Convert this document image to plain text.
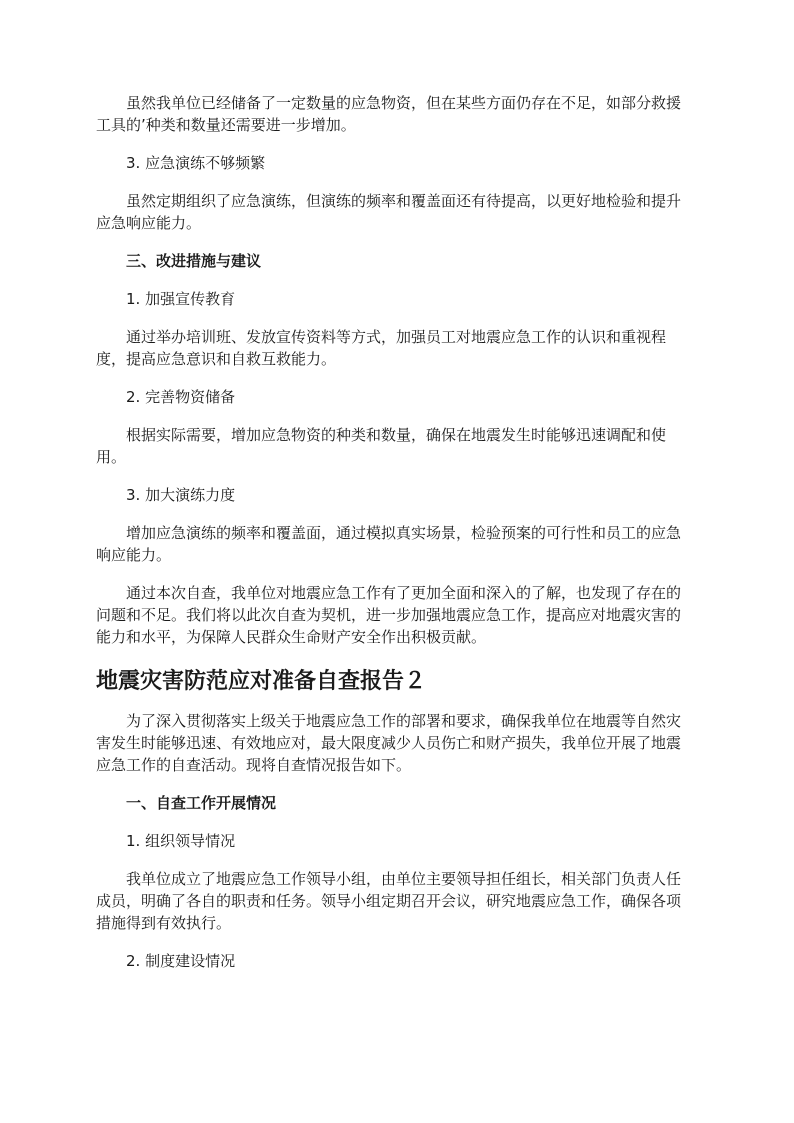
虽然我单位已经储备了一定数量的应急物资，但在某些方面仍存在不足，如部分救援工具的’种类和数量还需要进一步增加。

3. 应急演练不够频繁

虽然定期组织了应急演练，但演练的频率和覆盖面还有待提高，以更好地检验和提升应急响应能力。

三、改进措施与建议

1. 加强宣传教育

通过举办培训班、发放宣传资料等方式，加强员工对地震应急工作的认识和重视程度，提高应急意识和自救互救能力。

2. 完善物资储备

根据实际需要，增加应急物资的种类和数量，确保在地震发生时能够迅速调配和使用。

3. 加大演练力度

增加应急演练的频率和覆盖面，通过模拟真实场景，检验预案的可行性和员工的应急响应能力。

通过本次自查，我单位对地震应急工作有了更加全面和深入的了解，也发现了存在的问题和不足。我们将以此次自查为契机，进一步加强地震应急工作，提高应对地震灾害的能力和水平，为保障人民群众生命财产安全作出积极贡献。

地震灾害防范应对准备自查报告２

为了深入贯彻落实上级关于地震应急工作的部署和要求，确保我单位在地震等自然灾害发生时能够迅速、有效地应对，最大限度减少人员伤亡和财产损失，我单位开展了地震应急工作的自查活动。现将自查情况报告如下。

一、自查工作开展情况

1. 组织领导情况

我单位成立了地震应急工作领导小组，由单位主要领导担任组长，相关部门负责人任成员，明确了各自的职责和任务。领导小组定期召开会议，研究地震应急工作，确保各项措施得到有效执行。

2. 制度建设情况
